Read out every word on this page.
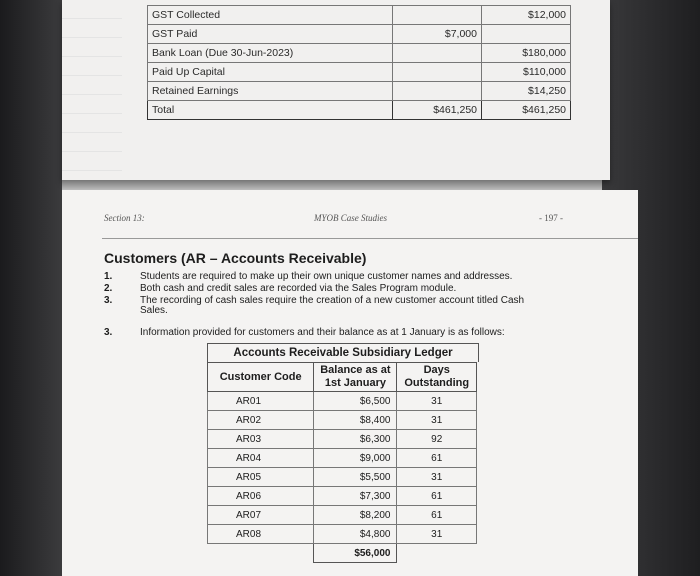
GST Collected		$12,000
GST Paid	$7,000	
Bank Loan (Due 30-Jun-2023)		$180,000
Paid Up Capital		$110,000
Retained Earnings		$14,250
Total	$461,250	$461,250
Section 13:	MYOB Case Studies	- 197 -
Customers (AR – Accounts Receivable)
1.	Students are required to make up their own unique customer names and addresses.
2.	Both cash and credit sales are recorded via the Sales Program module.
3.	The recording of cash sales require the creation of a new customer account titled Cash Sales.
3.	Information provided for customers and their balance as at 1 January is as follows:
Accounts Receivable Subsidiary Ledger
Customer Code	Balance as at 1st January	Days Outstanding
AR01	$6,500	31
AR02	$8,400	31
AR03	$6,300	92
AR04	$9,000	61
AR05	$5,500	31
AR06	$7,300	61
AR07	$8,200	61
AR08	$4,800	31
	$56,000	
